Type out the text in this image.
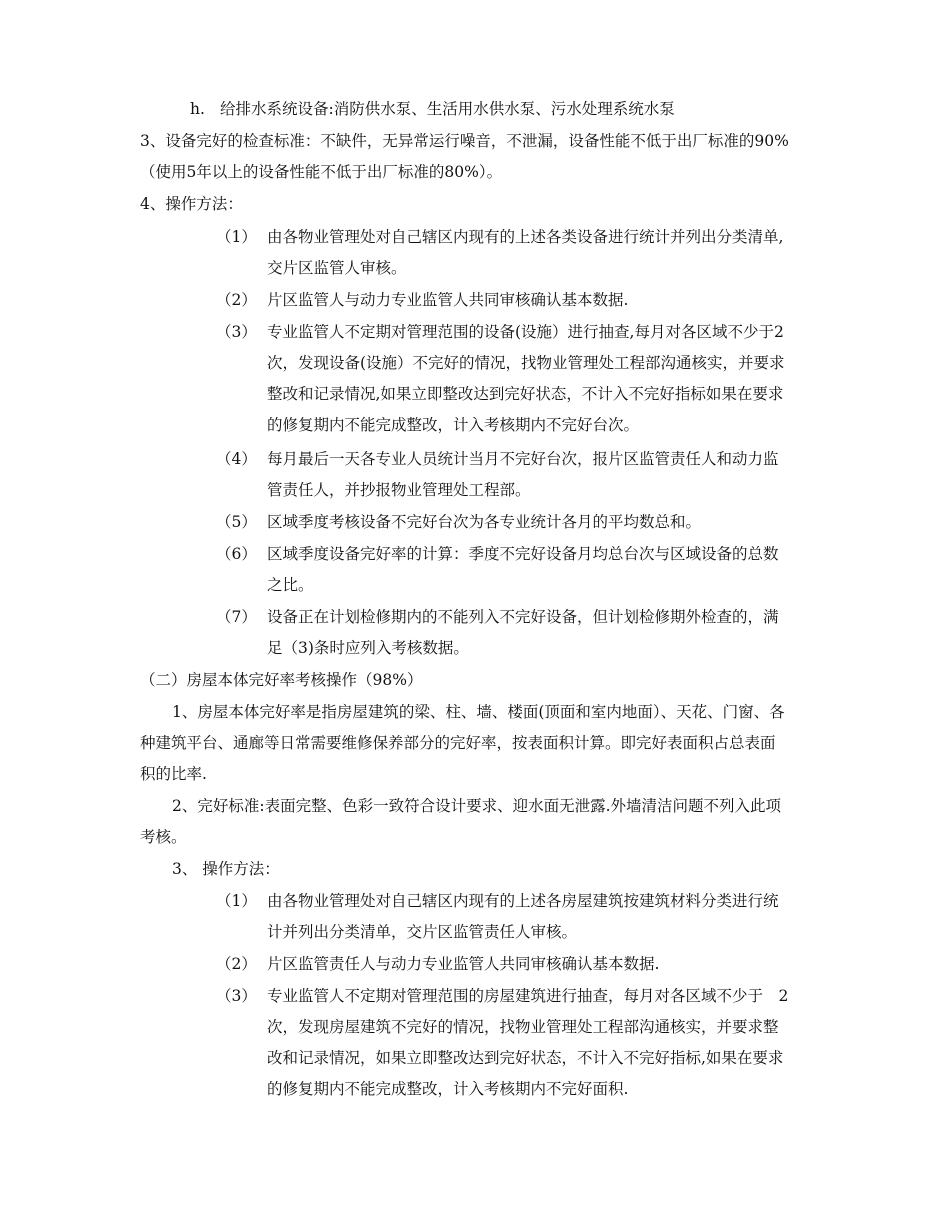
h. 给排水系统设备:消防供水泵、生活用水供水泵、污水处理系统水泵
3、设备完好的检查标准：不缺件，无异常运行噪音，不泄漏，设备性能不低于出厂标准的90%
（使用5年以上的设备性能不低于出厂标准的80%）。
4、操作方法：
（1） 由各物业管理处对自己辖区内现有的上述各类设备进行统计并列出分类清单,
交片区监管人审核。
（2） 片区监管人与动力专业监管人共同审核确认基本数据.
（3） 专业监管人不定期对管理范围的设备(设施）进行抽查,每月对各区域不少于2
次，发现设备(设施）不完好的情况，找物业管理处工程部沟通核实，并要求
整改和记录情况,如果立即整改达到完好状态，不计入不完好指标如果在要求
的修复期内不能完成整改，计入考核期内不完好台次。
（4） 每月最后一天各专业人员统计当月不完好台次，报片区监管责任人和动力监
管责任人，并抄报物业管理处工程部。
（5） 区域季度考核设备不完好台次为各专业统计各月的平均数总和。
（6） 区域季度设备完好率的计算：季度不完好设备月均总台次与区域设备的总数
之比。
（7） 设备正在计划检修期内的不能列入不完好设备，但计划检修期外检查的，满
足（3)条时应列入考核数据。
（二）房屋本体完好率考核操作（98%）
1、房屋本体完好率是指房屋建筑的梁、柱、墙、楼面(顶面和室内地面）、天花、门窗、各
种建筑平台、通廊等日常需要维修保养部分的完好率，按表面积计算。即完好表面积占总表面
积的比率.
2、完好标准:表面完整、色彩一致符合设计要求、迎水面无泄露.外墙清洁问题不列入此项
考核。
3、 操作方法：
（1） 由各物业管理处对自己辖区内现有的上述各房屋建筑按建筑材料分类进行统
计并列出分类清单，交片区监管责任人审核。
（2） 片区监管责任人与动力专业监管人共同审核确认基本数据.
（3） 专业监管人不定期对管理范围的房屋建筑进行抽查，每月对各区域不少于　2
次，发现房屋建筑不完好的情况，找物业管理处工程部沟通核实，并要求整
改和记录情况，如果立即整改达到完好状态，不计入不完好指标,如果在要求
的修复期内不能完成整改，计入考核期内不完好面积.
